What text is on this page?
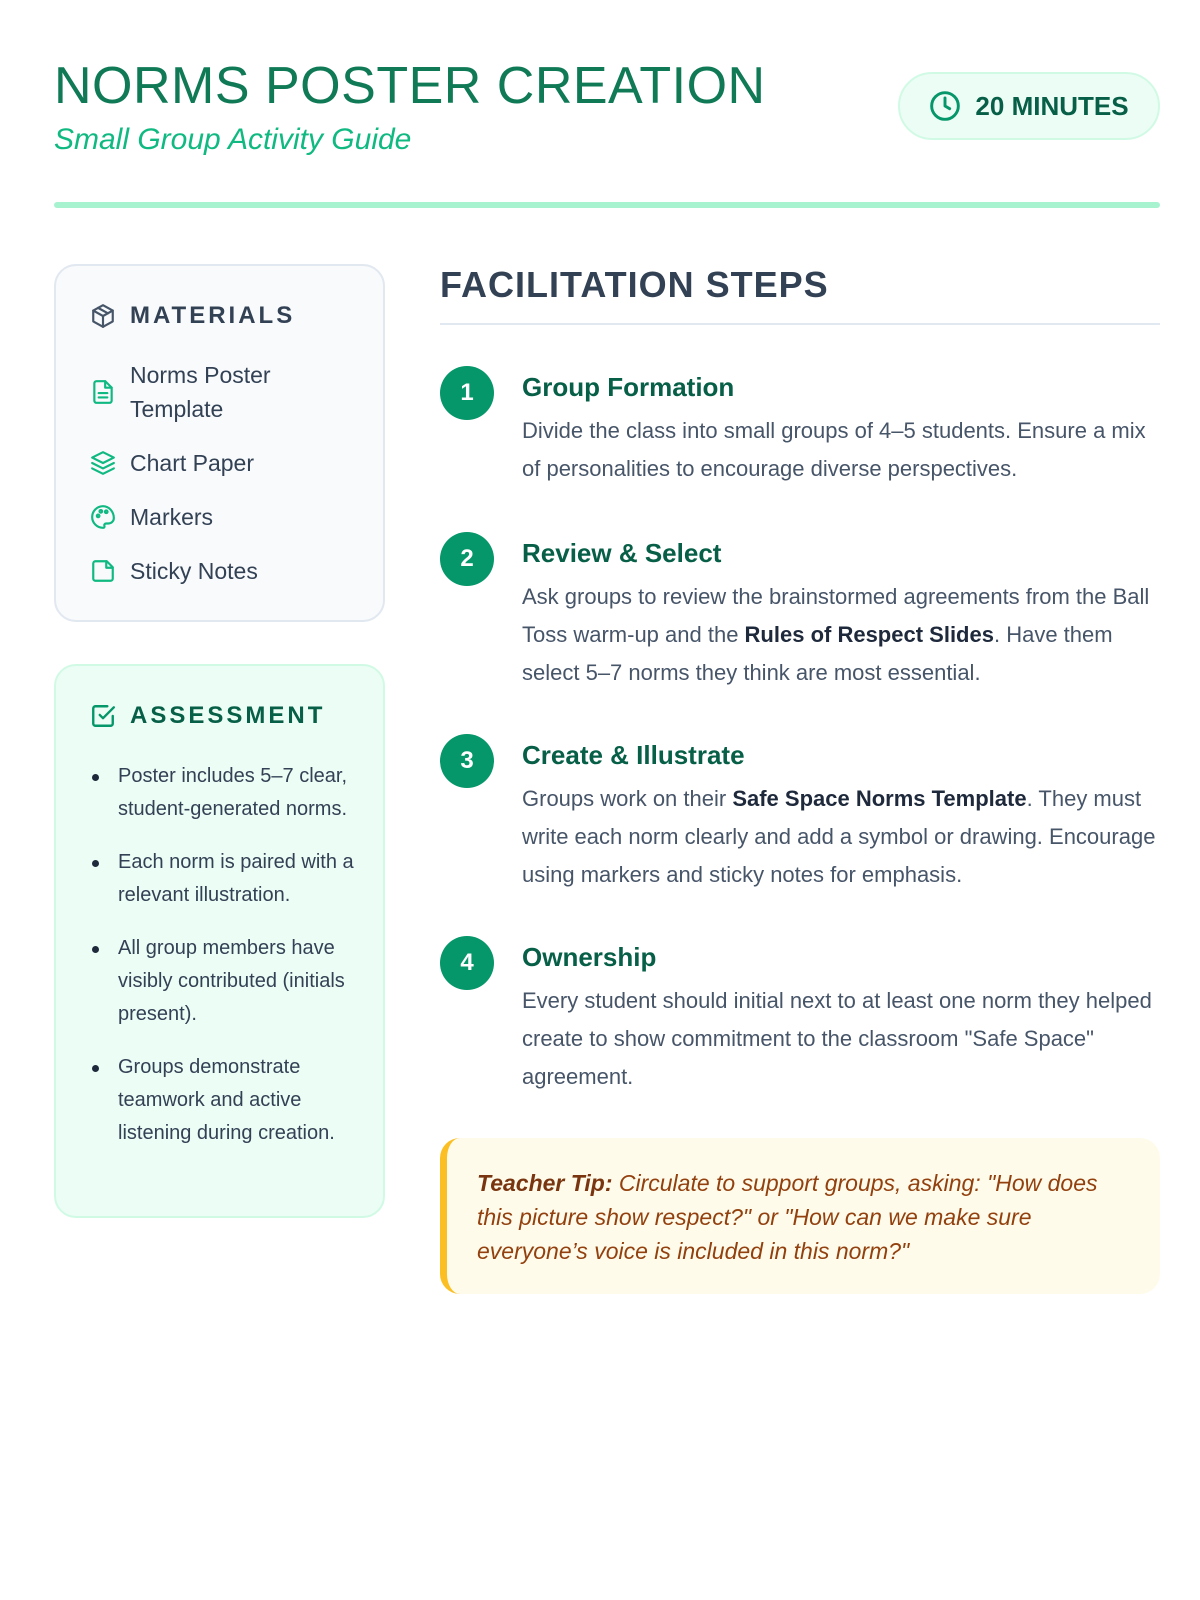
NORMS POSTER CREATION
Small Group Activity Guide
20 MINUTES
MATERIALS
Norms Poster Template
Chart Paper
Markers
Sticky Notes
ASSESSMENT
Poster includes 5–7 clear, student-generated norms.
Each norm is paired with a relevant illustration.
All group members have visibly contributed (initials present).
Groups demonstrate teamwork and active listening during creation.
FACILITATION STEPS
1	Group Formation
Divide the class into small groups of 4–5 students. Ensure a mix of personalities to encourage diverse perspectives.
2	Review & Select
Ask groups to review the brainstormed agreements from the Ball Toss warm-up and the Rules of Respect Slides. Have them select 5–7 norms they think are most essential.
3	Create & Illustrate
Groups work on their Safe Space Norms Template. They must write each norm clearly and add a symbol or drawing. Encourage using markers and sticky notes for emphasis.
4	Ownership
Every student should initial next to at least one norm they helped create to show commitment to the classroom "Safe Space" agreement.
Teacher Tip: Circulate to support groups, asking: "How does this picture show respect?" or "How can we make sure everyone’s voice is included in this norm?"
